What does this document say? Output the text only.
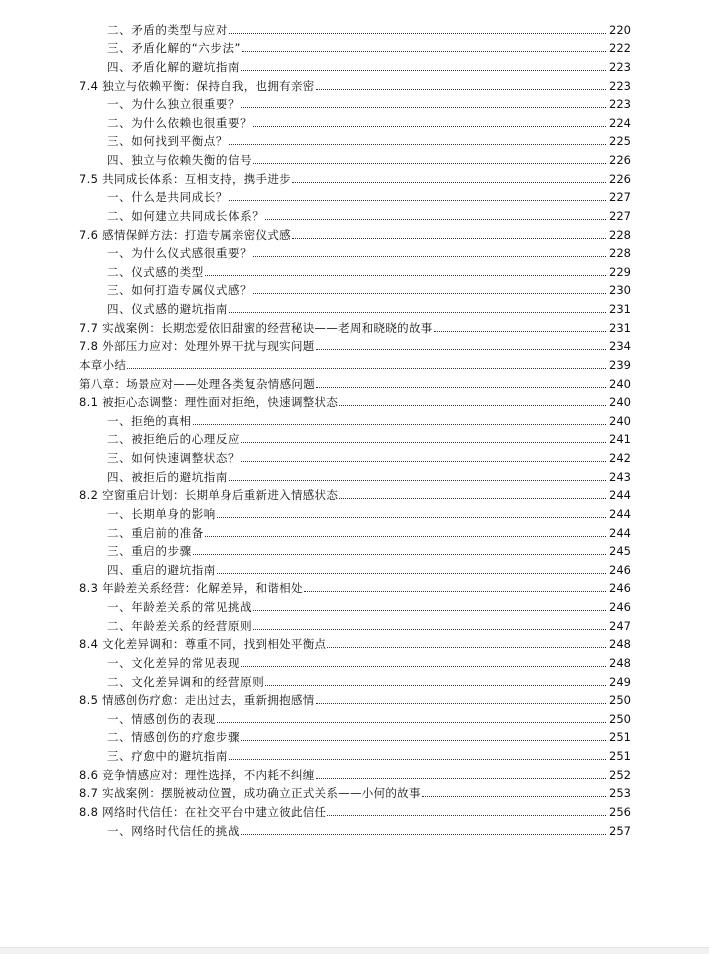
二、矛盾的类型与应对	220
三、矛盾化解的“六步法”	222
四、矛盾化解的避坑指南	223
7.4 独立与依赖平衡：保持自我，也拥有亲密	223
一、为什么独立很重要？	223
二、为什么依赖也很重要？	224
三、如何找到平衡点？	225
四、独立与依赖失衡的信号	226
7.5 共同成长体系：互相支持，携手进步	226
一、什么是共同成长？	227
二、如何建立共同成长体系？	227
7.6 感情保鲜方法：打造专属亲密仪式感	228
一、为什么仪式感很重要？	228
二、仪式感的类型	229
三、如何打造专属仪式感？	230
四、仪式感的避坑指南	231
7.7 实战案例：长期恋爱依旧甜蜜的经营秘诀——老周和晓晓的故事	231
7.8 外部压力应对：处理外界干扰与现实问题	234
本章小结	239
第八章：场景应对——处理各类复杂情感问题	240
8.1 被拒心态调整：理性面对拒绝，快速调整状态	240
一、拒绝的真相	240
二、被拒绝后的心理反应	241
三、如何快速调整状态？	242
四、被拒后的避坑指南	243
8.2 空窗重启计划：长期单身后重新进入情感状态	244
一、长期单身的影响	244
二、重启前的准备	244
三、重启的步骤	245
四、重启的避坑指南	246
8.3 年龄差关系经营：化解差异，和谐相处	246
一、年龄差关系的常见挑战	246
二、年龄差关系的经营原则	247
8.4 文化差异调和：尊重不同，找到相处平衡点	248
一、文化差异的常见表现	248
二、文化差异调和的经营原则	249
8.5 情感创伤疗愈：走出过去，重新拥抱感情	250
一、情感创伤的表现	250
二、情感创伤的疗愈步骤	251
三、疗愈中的避坑指南	251
8.6 竞争情感应对：理性选择，不内耗不纠缠	252
8.7 实战案例：摆脱被动位置，成功确立正式关系——小何的故事	253
8.8 网络时代信任：在社交平台中建立彼此信任	256
一、网络时代信任的挑战	257
